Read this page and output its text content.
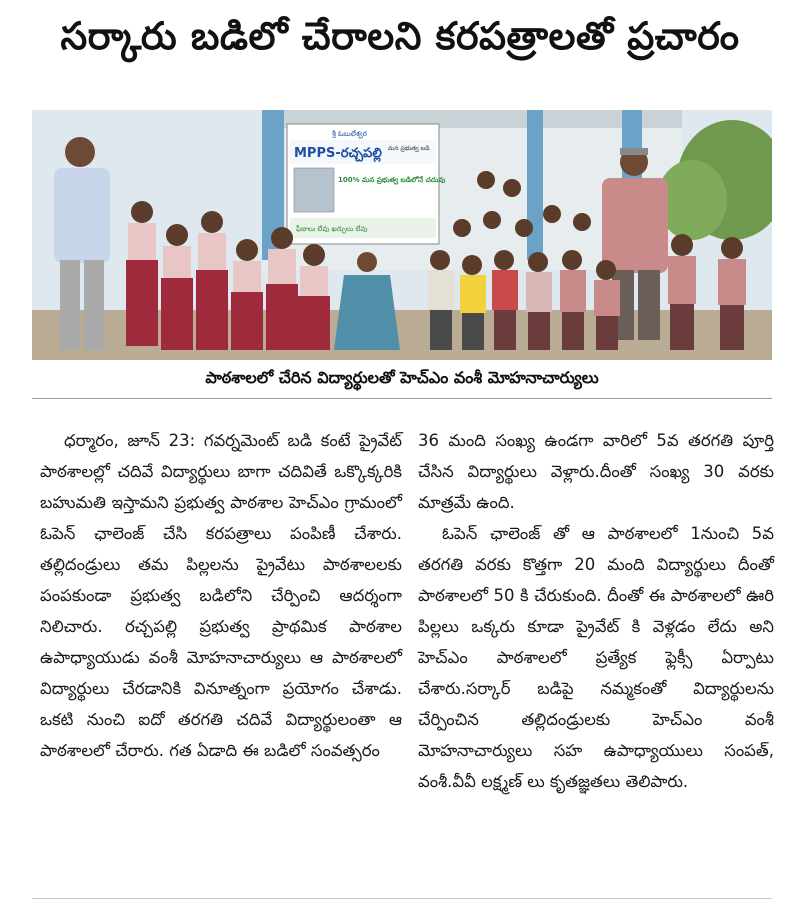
సర్కారు బడిలో చేరాలని కరపత్రాలతో ప్రచారం
శ్రీ ఓబులేశ్వర
MPPS-రచ్చపల్లి మన ప్రభుత్వ బడి
100% మన ప్రభుత్వ బడిలోనే చదువు
ఫీజులు లేవు ఖర్చులు లేవు
పాఠశాలలో చేరిన విద్యార్థులతో హెచ్ఎం వంశీ మోహనాచార్యులు

ధర్మారం, జూన్ 23: గవర్నమెంట్ బడి కంటే ప్రైవేట్ పాఠశాలల్లో చదివే విద్యార్థులు బాగా చదివితే ఒక్కొక్కరికి బహుమతి ఇస్తామని ప్రభుత్వ పాఠశాల హెచ్ఎం గ్రామంలో ఓపెన్ ఛాలెంజ్ చేసి కరపత్రాలు పంపిణీ చేశారు. తల్లిదండ్రులు తమ పిల్లలను ప్రైవేటు పాఠశాలలకు పంపకుండా ప్రభుత్వ బడిలోని చేర్పించి ఆదర్శంగా నిలిచారు. రచ్చపల్లి ప్రభుత్వ ప్రాథమిక పాఠశాల ఉపాధ్యాయుడు వంశీ మోహనాచార్యులు ఆ పాఠశాలలో విద్యార్థులు చేరడానికి వినూత్నంగా ప్రయోగం చేశాడు. ఒకటి నుంచి ఐదో తరగతి చదివే విద్యార్థులంతా ఆ పాఠశాలలో చేరారు. గత ఏడాది ఈ బడిలో సంవత్సరం

36 మంది సంఖ్య ఉండగా వారిలో 5వ తరగతి పూర్తి చేసిన విద్యార్థులు వెళ్లారు.దీంతో సంఖ్య 30 వరకు మాత్రమే ఉంది.

ఓపెన్ ఛాలెంజ్ తో ఆ పాఠశాలలో 1నుంచి 5వ తరగతి వరకు కొత్తగా 20 మంది విద్యార్థులు దీంతో పాఠశాలలో 50 కి చేరుకుంది. దీంతో ఈ పాఠశాలలో ఊరి పిల్లలు ఒక్కరు కూడా ప్రైవేట్ కి వెళ్లడం లేదు అని హెచ్ఎం పాఠశాలలో ప్రత్యేక ఫ్లెక్సీ ఏర్పాటు చేశారు.సర్కార్ బడిపై నమ్మకంతో విద్యార్థులను చేర్పించిన తల్లిదండ్రులకు హెచ్ఎం వంశీ మోహనాచార్యులు సహ ఉపాధ్యాయులు సంపత్, వంశీ.వీవీ లక్ష్మణ్ లు కృతజ్ఞతలు తెలిపారు.
